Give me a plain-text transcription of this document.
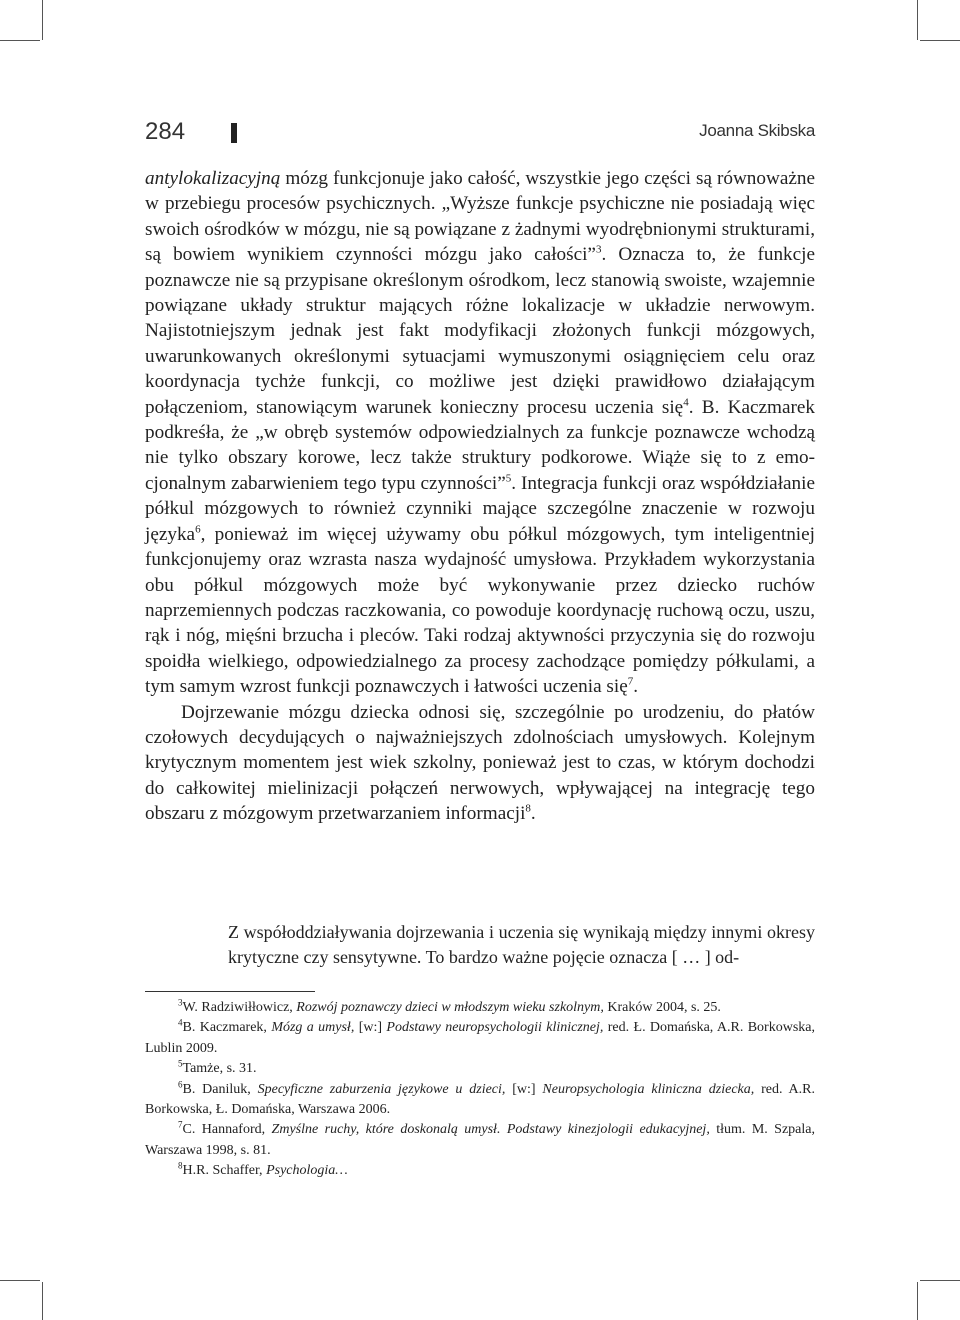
284	Joanna Skibska

antylokalizacyjną mózg funkcjonuje jako całość, wszystkie jego części są równoważne w przebiegu procesów psychicznych. „Wyższe funkcje psychiczne nie posiadają więc swoich ośrodków w mózgu, nie są powiązane z żadnymi wyodrębnionymi strukturami, są bowiem wynikiem czynności mózgu jako całości”$^3$. Oznacza to, że funkcje poznawcze nie są przypisane określonym ośrodkom, lecz stanowią swoiste, wzajemnie powiązane układy struktur mających różne lokalizacje w układzie nerwowym. Najistotniejszym jednak jest fakt modyfikacji złożonych funkcji mózgowych, uwarunkowanych określonymi sytuacjami wymuszonymi osiągnięciem celu oraz koordynacja tychże funkcji, co możliwe jest dzięki prawidłowo działającym połączeniom, stanowiącym warunek konieczny procesu uczenia się$^4$. B. Kaczmarek podkreśła, że „w obręb systemów odpowiedzialnych za funkcje poznawcze wchodzą nie tylko obszary korowe, lecz także struktury podkorowe. Wiąże się to z emocjonalnym zabarwieniem tego typu czynności”$^5$. Integracja funkcji oraz współdziałanie półkul mózgowych to również czynniki mające szczególne znaczenie w rozwoju języka$^6$, ponieważ im więcej używamy obu półkul mózgowych, tym inteligentniej funkcjonujemy oraz wzrasta nasza wydajność umysłowa. Przykładem wykorzystania obu półkul mózgowych może być wykonywanie przez dziecko ruchów naprzemiennych podczas raczkowania, co powoduje koordynację ruchową oczu, uszu, rąk i nóg, mięśni brzucha i pleców. Taki rodzaj aktywności przyczynia się do rozwoju spoidła wielkiego, odpowiedzialnego za procesy zachodzące pomiędzy półkulami, a tym samym wzrost funkcji poznawczych i łatwości uczenia się$^7$.

Dojrzewanie mózgu dziecka odnosi się, szczególnie po urodzeniu, do płatów czołowych decydujących o najważniejszych zdolnościach umysłowych. Kolejnym krytycznym momentem jest wiek szkolny, ponieważ jest to czas, w którym dochodzi do całkowitej mielinizacji połączeń nerwowych, wpływającej na integrację tego obszaru z mózgowym przetwarzaniem informacji$^8$.

Z współoddziaływania dojrzewania i uczenia się wynikają między innymi okresy krytyczne czy sensytywne. To bardzo ważne pojęcie oznacza [ … ] od-

$^3$W. Radziwiłłowicz, Rozwój poznawczy dzieci w młodszym wieku szkolnym, Kraków 2004, s. 25.

$^4$B. Kaczmarek, Mózg a umysł, [w:] Podstawy neuropsychologii klinicznej, red. Ł. Domańska, A.R. Borkowska, Lublin 2009.

$^5$Tamże, s. 31.

$^6$B. Daniluk, Specyficzne zaburzenia językowe u dzieci, [w:] Neuropsychologia kliniczna dziecka, red. A.R. Borkowska, Ł. Domańska, Warszawa 2006.

$^7$C. Hannaford, Zmyślne ruchy, które doskonalą umysł. Podstawy kinezjologii edukacyjnej, tłum. M. Szpala, Warszawa 1998, s. 81.

$^8$H.R. Schaffer, Psychologia…
